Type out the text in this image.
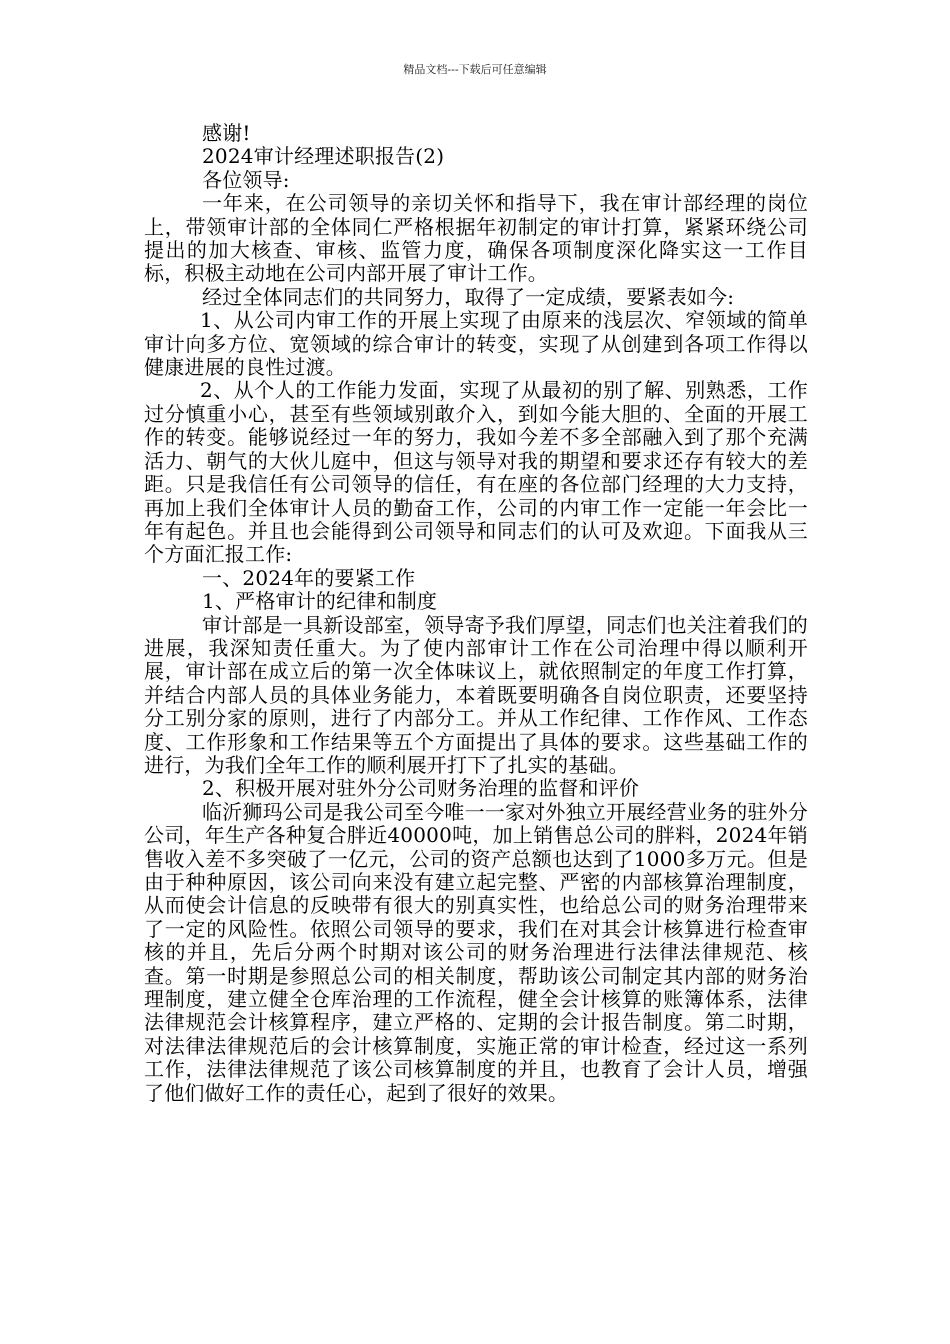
精品文档---下载后可任意编辑

感谢!

2024审计经理述职报告(2)

各位领导:

一年来，在公司领导的亲切关怀和指导下，我在审计部经理的岗位上，带领审计部的全体同仁严格根据年初制定的审计打算，紧紧环绕公司提出的加大核查、审核、监管力度，确保各项制度深化降实这一工作目标，积极主动地在公司内部开展了审计工作。

经过全体同志们的共同努力，取得了一定成绩，要紧表如今:

1、从公司内审工作的开展上实现了由原来的浅层次、窄领域的简单审计向多方位、宽领域的综合审计的转变，实现了从创建到各项工作得以健康进展的良性过渡。

2、从个人的工作能力发面，实现了从最初的别了解、别熟悉，工作过分慎重小心，甚至有些领域别敢介入，到如今能大胆的、全面的开展工作的转变。能够说经过一年的努力，我如今差不多全部融入到了那个充满活力、朝气的大伙儿庭中，但这与领导对我的期望和要求还存有较大的差距。只是我信任有公司领导的信任，有在座的各位部门经理的大力支持，再加上我们全体审计人员的勤奋工作，公司的内审工作一定能一年会比一年有起色。并且也会能得到公司领导和同志们的认可及欢迎。下面我从三个方面汇报工作:

一、2024年的要紧工作

1、严格审计的纪律和制度

审计部是一具新设部室，领导寄予我们厚望，同志们也关注着我们的进展，我深知责任重大。为了使内部审计工作在公司治理中得以顺利开展，审计部在成立后的第一次全体味议上，就依照制定的年度工作打算，并结合内部人员的具体业务能力，本着既要明确各自岗位职责，还要坚持分工别分家的原则，进行了内部分工。并从工作纪律、工作作风、工作态度、工作形象和工作结果等五个方面提出了具体的要求。这些基础工作的进行，为我们全年工作的顺利展开打下了扎实的基础。

2、积极开展对驻外分公司财务治理的监督和评价

临沂狮玛公司是我公司至今唯一一家对外独立开展经营业务的驻外分公司，年生产各种复合胖近40000吨，加上销售总公司的胖料，2024年销售收入差不多突破了一亿元，公司的资产总额也达到了1000多万元。但是由于种种原因，该公司向来没有建立起完整、严密的内部核算治理制度，从而使会计信息的反映带有很大的别真实性，也给总公司的财务治理带来了一定的风险性。依照公司领导的要求，我们在对其会计核算进行检查审核的并且，先后分两个时期对该公司的财务治理进行法律法律规范、核查。第一时期是参照总公司的相关制度，帮助该公司制定其内部的财务治理制度，建立健全仓库治理的工作流程，健全会计核算的账簿体系，法律法律规范会计核算程序，建立严格的、定期的会计报告制度。第二时期，对法律法律规范后的会计核算制度，实施正常的审计检查，经过这一系列工作，法律法律规范了该公司核算制度的并且，也教育了会计人员，增强了他们做好工作的责任心，起到了很好的效果。
